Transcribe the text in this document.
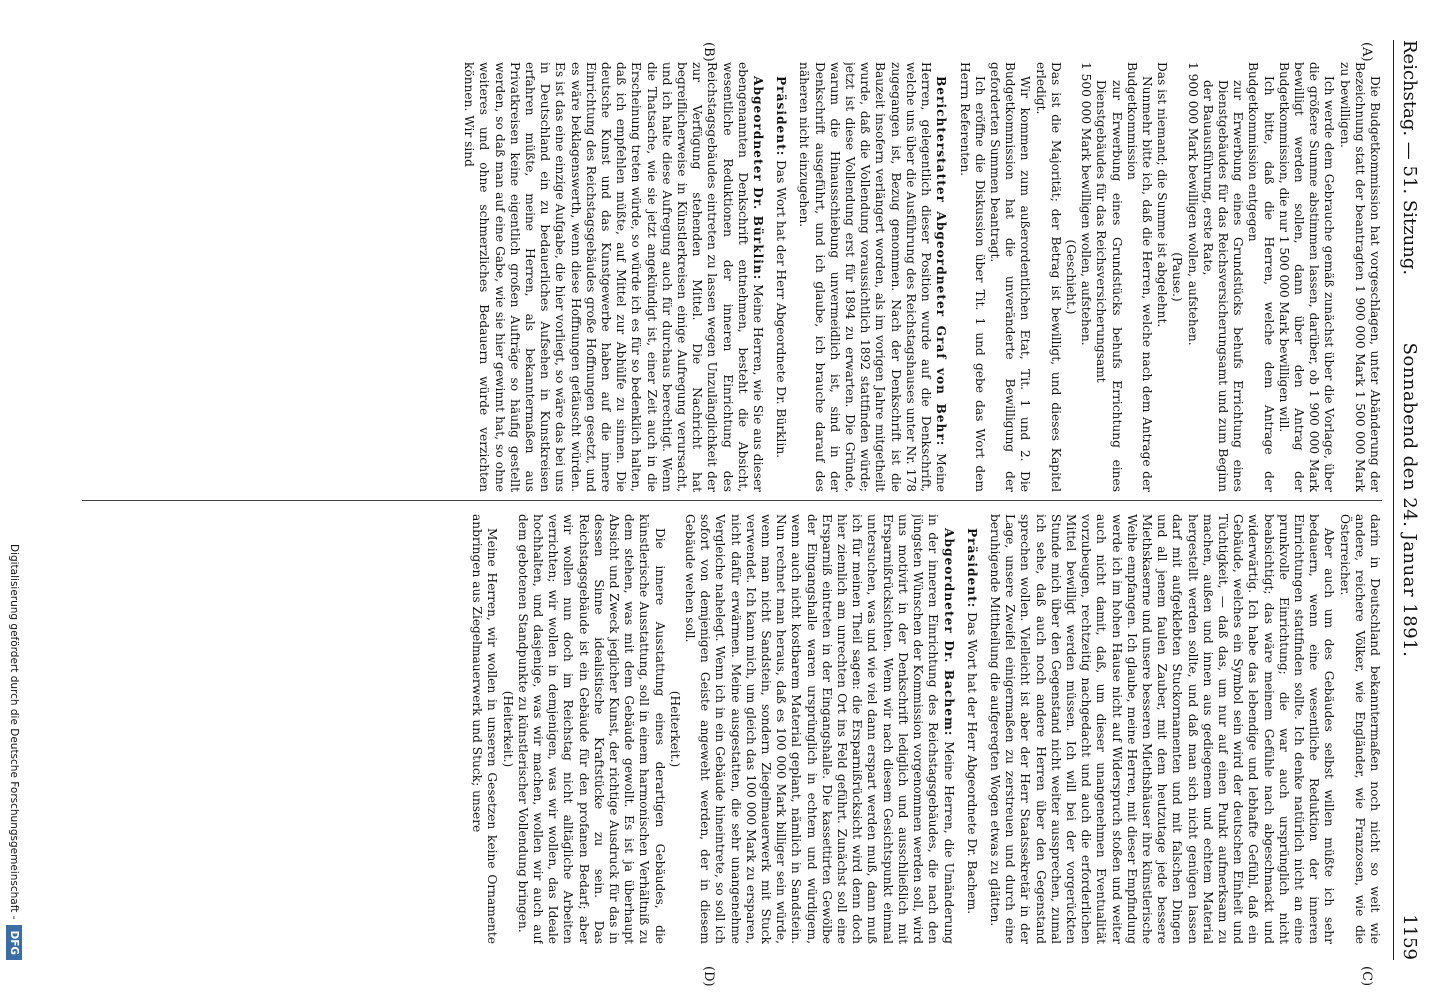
Reichstag. — 51. Sitzung.
Sonnabend den 24. Januar 1891.
1159
(A)
(B)
(C)
(D)

Die Budgetkommission hat vorgeschlagen, unter Abänderung der Bezeichnung statt der beantragten 1 900 000 Mark 1 500 000 Mark zu bewilligen.

Ich werde dem Gebrauche gemäß zunächst über die Vorlage, über die größere Summe abstimmen lassen, darüber, ob 1 900 000 Mark bewilligt werden sollen, dann über den Antrag der Budgetkommission, die nur 1 500 000 Mark bewilligen will.

Ich bitte, daß die Herren, welche dem Antrage der Budgetkommission entgegen

zur Erwerbung eines Grundstücks behufs Errichtung eines Dienstgebäudes für das Reichsversicherungsamt und zum Beginn der Bauausführung, erste Rate,

1 900 000 Mark bewilligen wollen, aufstehen.

(Pause.)

Das ist niemand; die Summe ist abgelehnt.

Nunmehr bitte ich, daß die Herren, welche nach dem Antrage der Budgetkommission

zur Erwerbung eines Grundstücks behufs Errichtung eines Dienstgebäudes für das Reichsversicherungsamt

1 500 000 Mark bewilligen wollen, aufstehen.

(Geschieht.)

Das ist die Majorität; der Betrag ist bewilligt, und dieses Kapitel erledigt.

Wir kommen zum außerordentlichen Etat, Tit. 1 und 2. Die Budgetkommission hat die unveränderte Bewilligung der geforderten Summen beantragt.

Ich eröffne die Diskussion über Tit. 1 und gebe das Wort dem Herrn Referenten.

Berichterstatter Abgeordneter Graf von Behr: Meine Herren, gelegentlich dieser Position wurde auf die Denkschrift, welche uns über die Ausführung des Reichstagshauses unter Nr. 178 zugegangen ist, Bezug genommen. Nach der Denkschrift ist die Bauzeit insofern verlängert worden, als im vorigen Jahre mitgetheilt wurde, daß die Vollendung voraussichtlich 1892 stattfinden würde; jetzt ist diese Vollendung erst für 1894 zu erwarten. Die Gründe, warum die Hinausschiebung unvermeidlich ist, sind in der Denkschrift ausgeführt, und ich glaube, ich brauche darauf des näheren nicht einzugehen.

Präsident: Das Wort hat der Herr Abgeordnete Dr. Bürklin.

Abgeordneter Dr. Bürklin: Meine Herren, wie Sie aus dieser ebengenannten Denkschrift entnehmen, besteht die Absicht, wesentliche Reduktionen der inneren Einrichtung des Reichstagsgebäudes eintreten zu lassen wegen Unzulänglichkeit der zur Verfügung stehenden Mittel. Die Nachricht hat begreiflicherweise in Künstlerkreisen einige Aufregung verursacht, und ich halte diese Aufregung auch für durchaus berechtigt. Wenn die Thatsache, wie sie jetzt angekündigt ist, einer Zeit auch in die Erscheinung treten würde, so würde ich es für so bedenklich halten, daß ich empfehlen müßte, auf Mittel zur Abhülfe zu sinnen. Die deutsche Kunst und das Kunstgewerbe haben auf die innere Einrichtung des Reichstagsgebäudes große Hoffnungen gesetzt, und es wäre beklagenswerth, wenn diese Hoffnungen getäuscht würden. Es ist das eine einzige Aufgabe, die hier vorliegt, so wäre das bei uns in Deutschland ein zu bedauerliches Aufsehen in Kunstkreisen erfahren müßte, meine Herren, als bekanntermaßen aus Privatkreisen keine eigentlich großen Aufträge so häufig gestellt werden, so daß man auf eine Gabe, wie sie hier gewinnt hat, so ohne weiteres und ohne schmerzliches Bedauern würde verzichten können. Wir sind

darin in Deutschland bekanntermaßen noch nicht so weit wie andere, reichere Völker, wie Engländer, wie Franzosen, wie die Österreicher.

Aber auch um des Gebäudes selbst willen müßte ich sehr bedauern, wenn eine wesentliche Reduktion der inneren Einrichtungen stattfinden sollte. Ich denke natürlich nicht an eine prunkvolle Einrichtung; die war auch ursprünglich nicht beabsichtigt; das wäre meinem Gefühle nach abgeschmackt und widerwärtig. Ich habe das lebendige und lebhafte Gefühl, daß ein Gebäude, welches ein Symbol sein wird der deutschen Einheit und Tüchtigkeit, — daß das, um nur auf einen Punkt aufmerksam zu machen, außen und innen aus gediegenem und echtem Material hergestellt werden sollte, und daß man sich nicht genügen lassen darf mit aufgeklebten Stuckornamenten und mit falschen Dingen und all jenem faulen Zauber, mit dem heutzutage jede bessere Miethskaserne und unsere besseren Miethshäuser ihre künstlerische Weihe empfangen. Ich glaube, meine Herren, mit dieser Empfindung werde ich im hohen Hause nicht auf Widerspruch stoßen und weiter auch nicht damit, daß, um dieser unangenehmen Eventualität vorzubeugen, rechtzeitig nachgedacht und auch die erforderlichen Mittel bewilligt werden müssen. Ich will bei der vorgerückten Stunde mich über den Gegenstand nicht weiter aussprechen, zumal ich sehe, daß auch noch andere Herren über den Gegenstand sprechen wollen. Vielleicht ist aber der Herr Staatssekretär in der Lage, unsere Zweifel einigermaßen zu zerstreuen und durch eine beruhigende Mittheilung die aufgeregten Wogen etwas zu glätten.

Präsident: Das Wort hat der Herr Abgeordnete Dr. Bachem.

Abgeordneter Dr. Bachem: Meine Herren, die Umänderung in der inneren Einrichtung des Reichstagsgebäudes, die nach den jüngsten Wünschen der Kommission vorgenommen werden soll, wird uns motivirt in der Denkschrift lediglich und ausschließlich mit Ersparnißrücksichten. Wenn wir nach diesem Gesichtspunkt einmal untersuchen, was und wie viel dann erspart werden muß, dann muß ich für meinen Theil sagen: die Ersparnißrücksicht wird denn doch hier ziemlich am unrechten Ort ins Feld geführt. Zunächst soll eine Ersparniß eintreten in der Eingangshalle. Die kassettirten Gewölbe der Eingangshalle waren ursprünglich in echtem und würdigem, wenn auch nicht kostbarem Material geplant, nämlich in Sandstein. Nun rechnet man heraus, daß es 100 000 Mark billiger sein würde, wenn man nicht Sandstein, sondern Ziegelmauerwerk mit Stuck verwendet. Ich kann mich, um gleich das 100 000 Mark zu ersparen, nicht dafür erwärmen. Meine ausgestatten, die sehr unangenehme Vergleiche nahelegt. Wenn ich in ein Gebäude hineintrete, so soll ich sofort von demjenigen Geiste angeweht werden, der in diesem Gebäude wehen soll.

(Heiterkeit.)

Die innere Ausstattung eines derartigen Gebäudes, die künstlerische Ausstattung, soll in einem harmonischen Verhältniß zu dem stehen, was mit dem Gebäude gewollt. Es ist ja überhaupt Absicht und Zweck jeglicher Kunst, der richtige Ausdruck für das in dessen Sinne idealistische Kraftstücke zu sein. Das Reichstagsgebäude ist ein Gebäude für den profanen Bedarf; aber wir wollen nun doch im Reichstag nicht alltägliche Arbeiten verrichten; wir wollen in demjenigen, was wir wollen, das Ideale hochhalten, und dasjenige, was wir machen, wollen wir auch auf dem gebotenen Standpunkte zu künstlerischer Vollendung bringen.

(Heiterkeit.)

Meine Herren, wir wollen in unseren Gesetzen keine Ornamente anbringen aus Ziegelmauerwerk und Stuck; unsere

Digitalisierung gefördert durch die Deutsche Forschungsgemeinschaft -DFG
